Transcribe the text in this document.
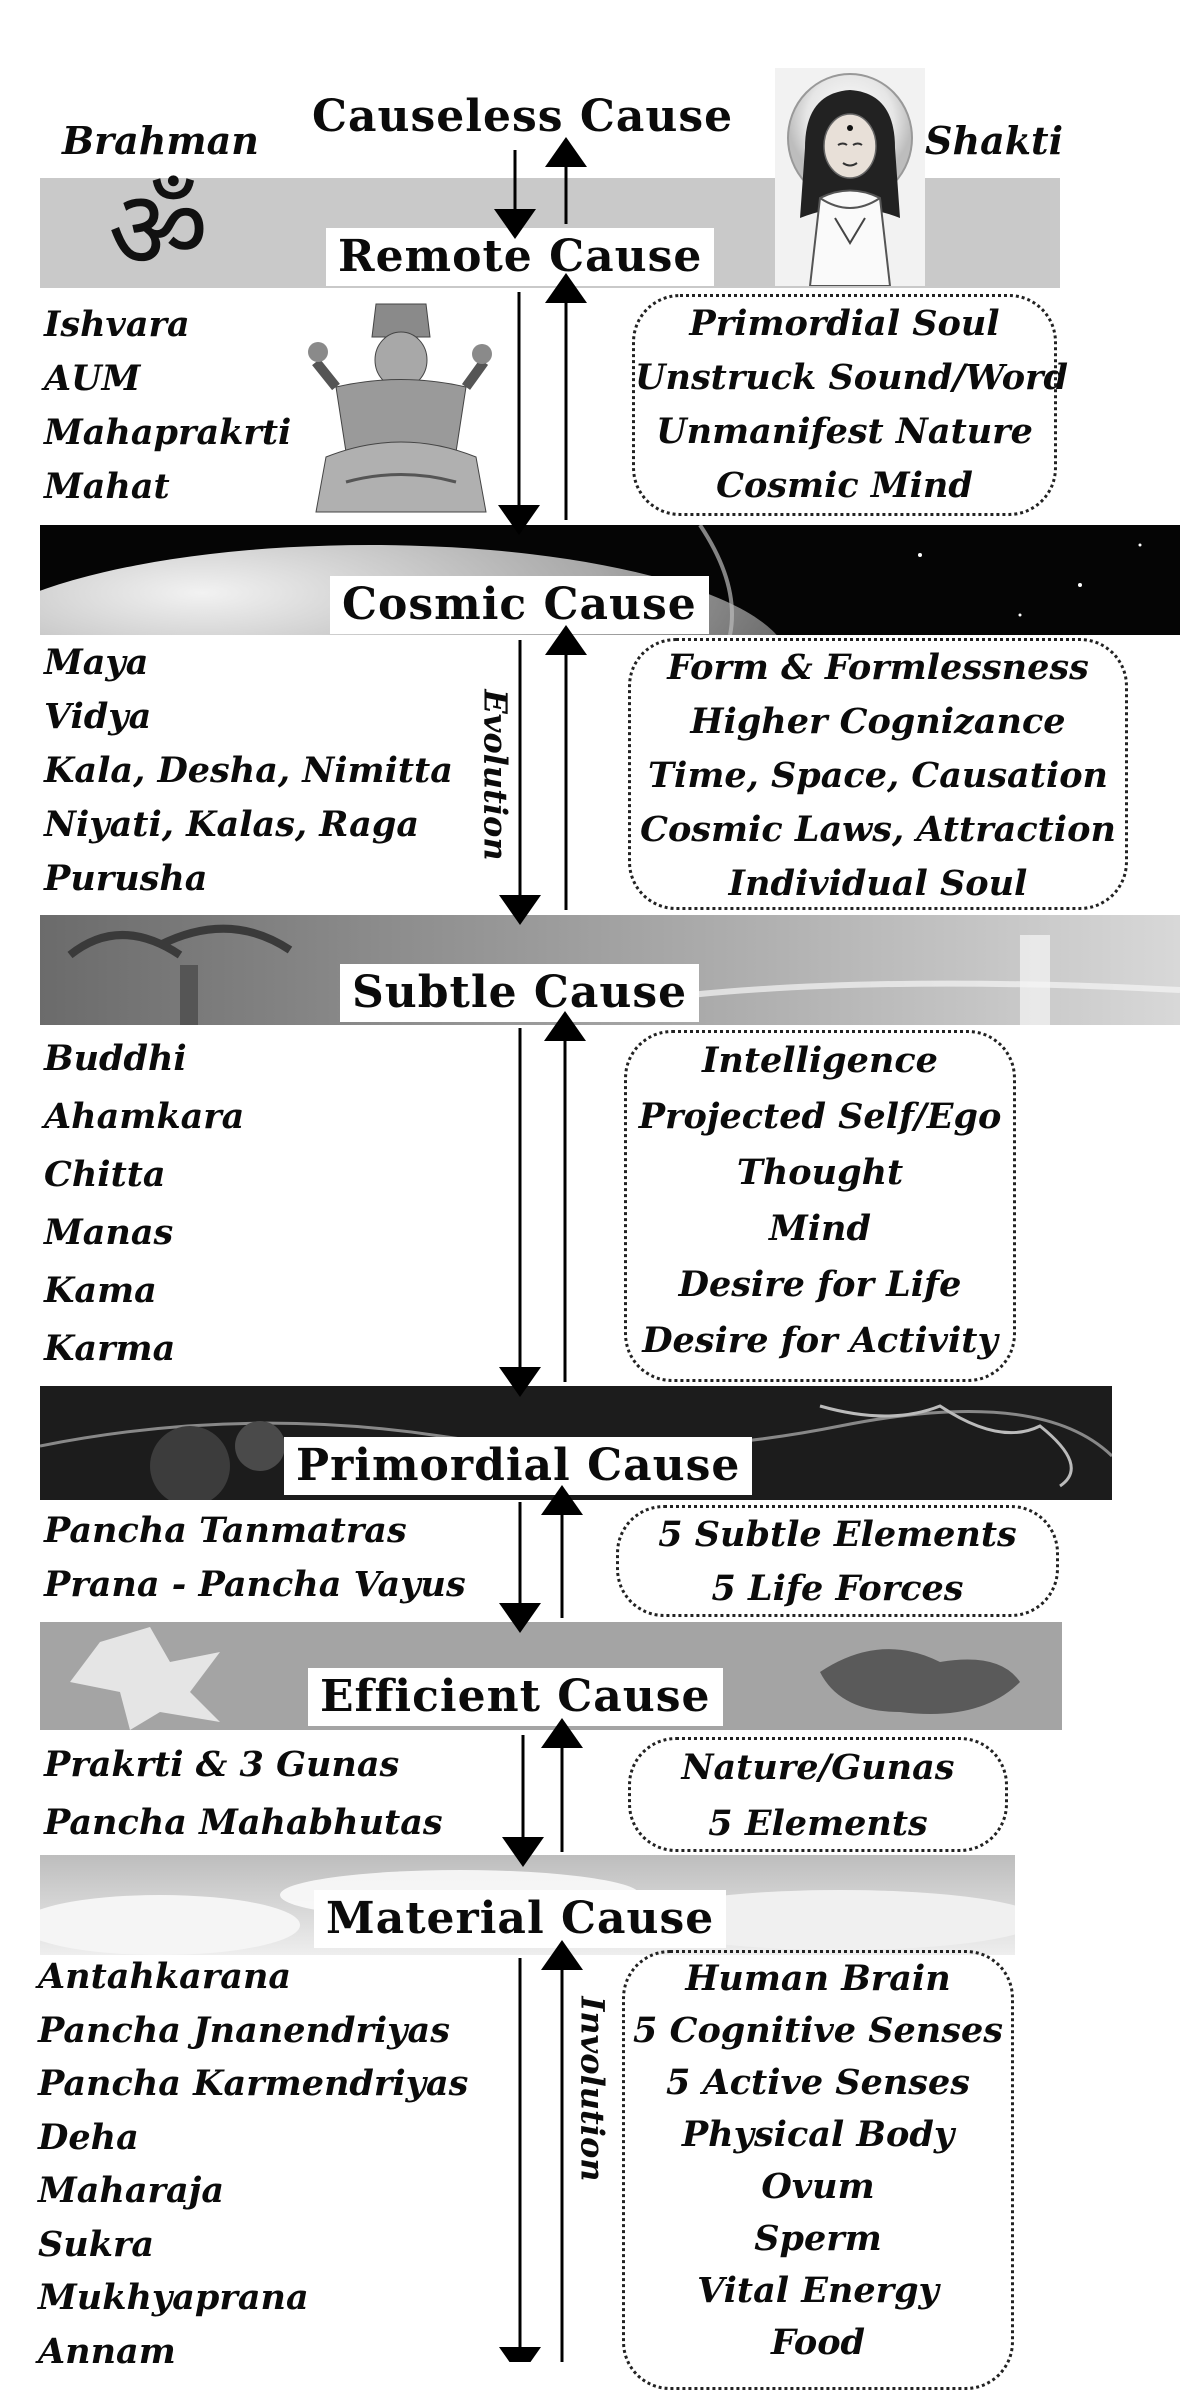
Causeless Cause
Brahman	Shakti
ॐ	Remote Cause
Ishvara
AUM
Mahaprakrti
Mahat
Primordial Soul
Unstruck Sound/Word
Unmanifest Nature
Cosmic Mind
Cosmic Cause
Maya
Vidya
Kala, Desha, Nimitta
Niyati, Kalas, Raga
Purusha
Evolution
Form & Formlessness
Higher Cognizance
Time, Space, Causation
Cosmic Laws, Attraction
Individual Soul
Subtle Cause
Buddhi
Ahamkara
Chitta
Manas
Kama
Karma
Intelligence
Projected Self/Ego
Thought
Mind
Desire for Life
Desire for Activity
Primordial Cause
Pancha Tanmatras
Prana - Pancha Vayus
5 Subtle Elements
5 Life Forces
Efficient Cause
Prakrti & 3 Gunas
Pancha Mahabhutas
Nature/Gunas
5 Elements
Material Cause
Antahkarana
Pancha Jnanendriyas
Pancha Karmendriyas
Deha
Maharaja
Sukra
Mukhyaprana
Annam
Involution
Human Brain
5 Cognitive Senses
5 Active Senses
Physical Body
Ovum
Sperm
Vital Energy
Food
